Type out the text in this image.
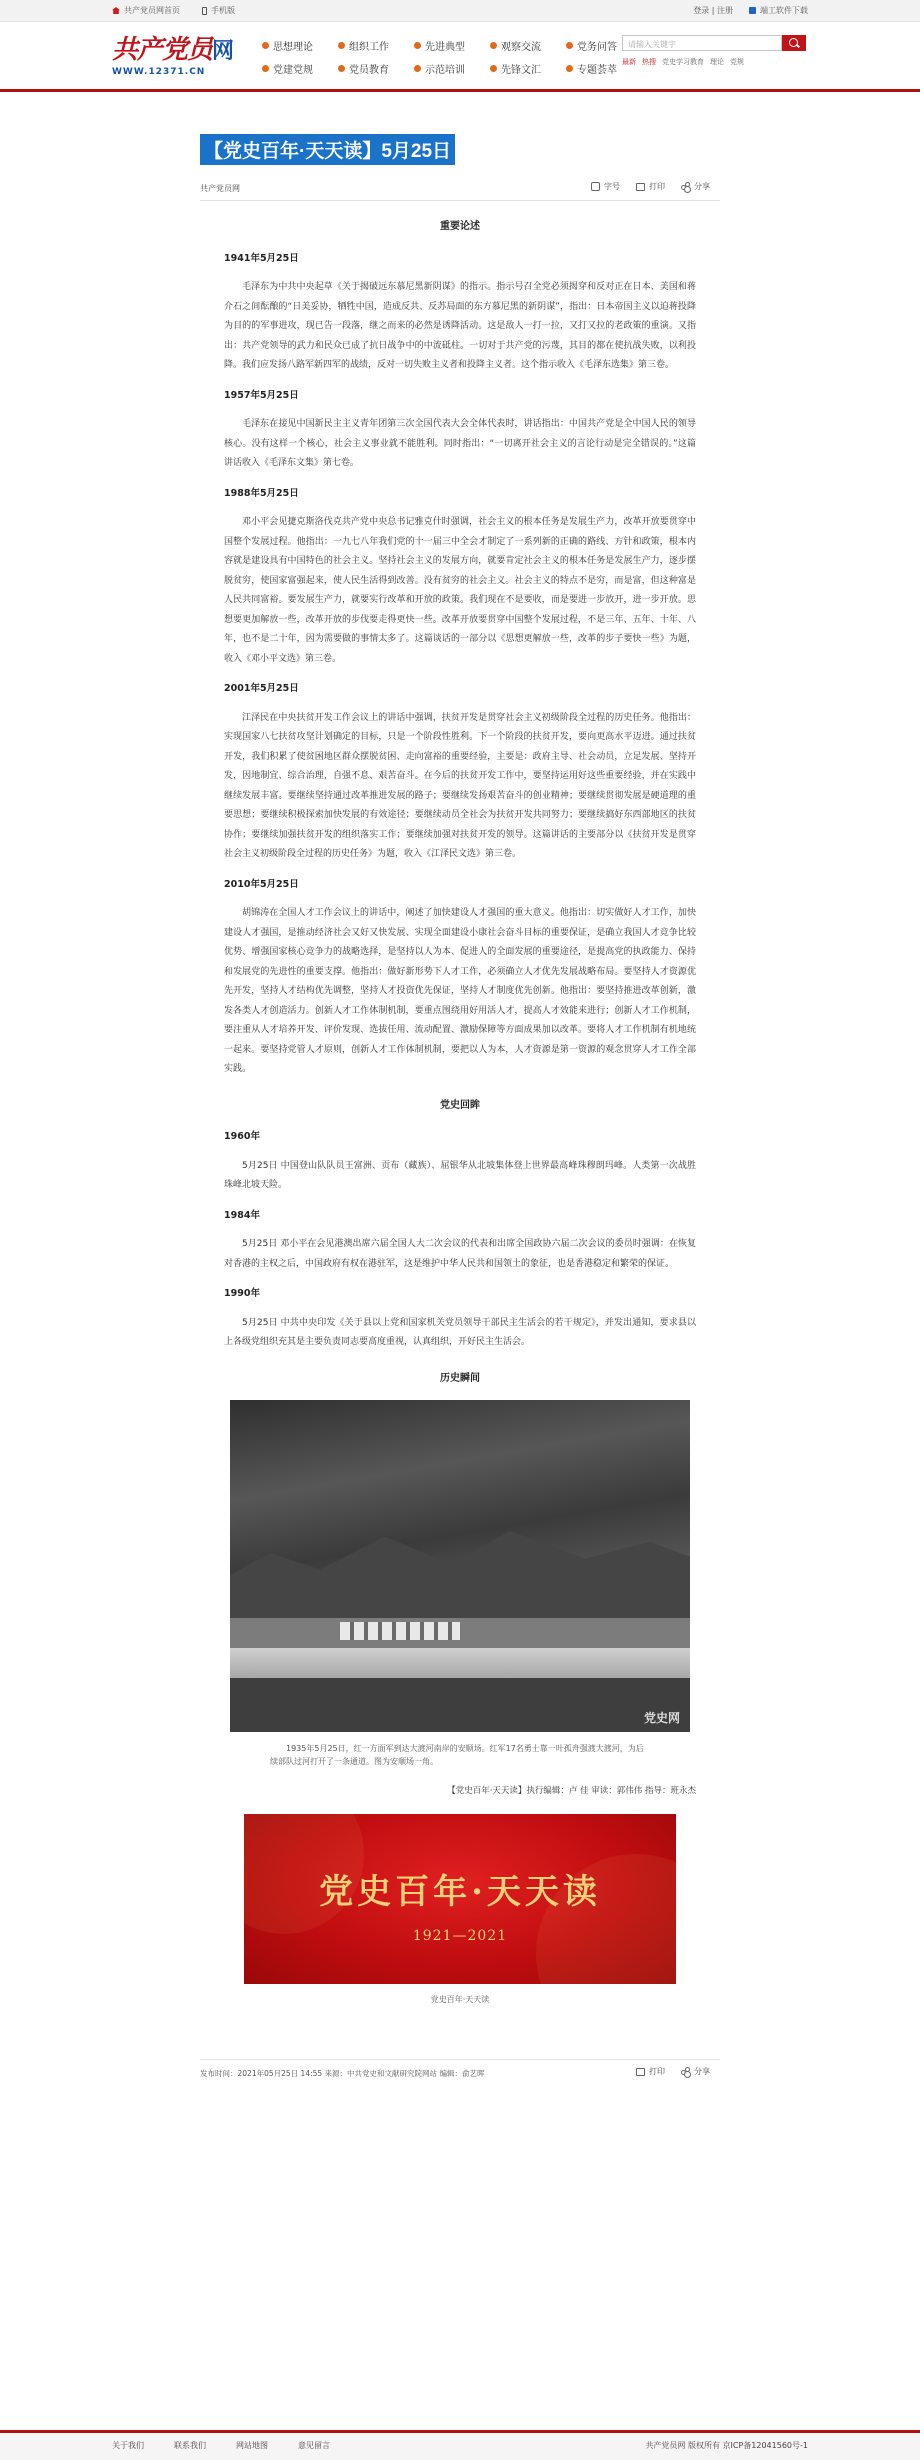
共产党员网首页	手机版	登录 | 注册	端工软件下载
共产党员网
WWW.12371.CN
思想理论	组织工作	先进典型	观察交流	党务问答
党建党规	党员教育	示范培训	先锋文汇	专题荟萃
请输入关键字
最新 热搜 党史学习教育 理论 党规
【党史百年·天天读】5月25日
共产党员网	字号	打印	分享
重要论述
1941年5月25日

毛泽东为中共中央起草《关于揭破远东慕尼黑新阴谋》的指示。指示号召全党必须揭穿和反对正在日本、美国和蒋介石之间酝酿的“日美妥协，牺牲中国，造成反共、反苏局面的东方慕尼黑的新阴谋”，指出：日本帝国主义以迫蒋投降为目的的军事进攻，现已告一段落，继之而来的必然是诱降活动。这是敌人一打一拉，又打又拉的老政策的重演。又指出：共产党领导的武力和民众已成了抗日战争中的中流砥柱。一切对于共产党的污蔑，其目的都在使抗战失败，以利投降。我们应发扬八路军新四军的战绩，反对一切失败主义者和投降主义者。这个指示收入《毛泽东选集》第三卷。

1957年5月25日

毛泽东在接见中国新民主主义青年团第三次全国代表大会全体代表时，讲话指出：中国共产党是全中国人民的领导核心。没有这样一个核心，社会主义事业就不能胜利。同时指出：“一切离开社会主义的言论行动是完全错误的。”这篇讲话收入《毛泽东文集》第七卷。

1988年5月25日

邓小平会见捷克斯洛伐克共产党中央总书记雅克什时强调，社会主义的根本任务是发展生产力，改革开放要贯穿中国整个发展过程。他指出：一九七八年我们党的十一届三中全会才制定了一系列新的正确的路线、方针和政策，根本内容就是建设具有中国特色的社会主义。坚持社会主义的发展方向，就要肯定社会主义的根本任务是发展生产力，逐步摆脱贫穷，使国家富强起来，使人民生活得到改善。没有贫穷的社会主义。社会主义的特点不是穷，而是富，但这种富是人民共同富裕。要发展生产力，就要实行改革和开放的政策。我们现在不是要收，而是要进一步放开，进一步开放。思想要更加解放一些，改革开放的步伐要走得更快一些。改革开放要贯穿中国整个发展过程，不是三年、五年、十年、八年，也不是二十年，因为需要做的事情太多了。这篇谈话的一部分以《思想更解放一些，改革的步子要快一些》为题，收入《邓小平文选》第三卷。

2001年5月25日

江泽民在中央扶贫开发工作会议上的讲话中强调，扶贫开发是贯穿社会主义初级阶段全过程的历史任务。他指出：实现国家八七扶贫攻坚计划确定的目标，只是一个阶段性胜利。下一个阶段的扶贫开发，要向更高水平迈进。通过扶贫开发，我们积累了使贫困地区群众摆脱贫困、走向富裕的重要经验，主要是：政府主导、社会动员，立足发展、坚持开发，因地制宜、综合治理，自强不息、艰苦奋斗。在今后的扶贫开发工作中，要坚持运用好这些重要经验，并在实践中继续发展丰富。要继续坚持通过改革推进发展的路子；要继续发扬艰苦奋斗的创业精神；要继续贯彻发展是硬道理的重要思想；要继续积极探索加快发展的有效途径；要继续动员全社会为扶贫开发共同努力；要继续搞好东西部地区的扶贫协作；要继续加强扶贫开发的组织落实工作；要继续加强对扶贫开发的领导。这篇讲话的主要部分以《扶贫开发是贯穿社会主义初级阶段全过程的历史任务》为题，收入《江泽民文选》第三卷。

2010年5月25日

胡锦涛在全国人才工作会议上的讲话中，阐述了加快建设人才强国的重大意义。他指出：切实做好人才工作，加快建设人才强国，是推动经济社会又好又快发展、实现全面建设小康社会奋斗目标的重要保证，是确立我国人才竞争比较优势、增强国家核心竞争力的战略选择，是坚持以人为本、促进人的全面发展的重要途径，是提高党的执政能力、保持和发展党的先进性的重要支撑。他指出：做好新形势下人才工作，必须确立人才优先发展战略布局。要坚持人才资源优先开发，坚持人才结构优先调整，坚持人才投资优先保证，坚持人才制度优先创新。他指出：要坚持推进改革创新，激发各类人才创造活力。创新人才工作体制机制，要重点围绕用好用活人才，提高人才效能来进行；创新人才工作机制，要注重从人才培养开发、评价发现、选拔任用、流动配置、激励保障等方面成果加以改革。要将人才工作机制有机地统一起来。要坚持党管人才原则，创新人才工作体制机制，要把以人为本，人才资源是第一资源的观念贯穿人才工作全部实践。

党史回眸
1960年

5月25日 中国登山队队员王富洲、贡布（藏族）、屈银华从北坡集体登上世界最高峰珠穆朗玛峰。人类第一次战胜珠峰北坡天险。

1984年

5月25日 邓小平在会见港澳出席六届全国人大二次会议的代表和出席全国政协六届二次会议的委员时强调：在恢复对香港的主权之后，中国政府有权在港驻军，这是维护中华人民共和国领土的象征，也是香港稳定和繁荣的保证。

1990年

5月25日 中共中央印发《关于县以上党和国家机关党员领导干部民主生活会的若干规定》，并发出通知，要求县以上各级党组织充其是主要负责同志要高度重视，认真组织，开好民主生活会。

历史瞬间
党史网
1935年5月25日，红一方面军到达大渡河南岸的安顺场。红军17名勇士靠一叶孤舟强渡大渡河，为后续部队过河打开了一条通道。图为安顺场一角。
【党史百年·天天读】执行编辑：卢 佳 审读：郭伟伟 指导：班永杰
党史百年·天天读
1921—2021
党史百年·天天读
发布时间：2021年05月25日 14:55 来源：中共党史和文献研究院网站 编辑：俞艺晖	打印	分享
关于我们	联系我们	网站地图	意见留言	共产党员网 版权所有 京ICP备12041560号-1
